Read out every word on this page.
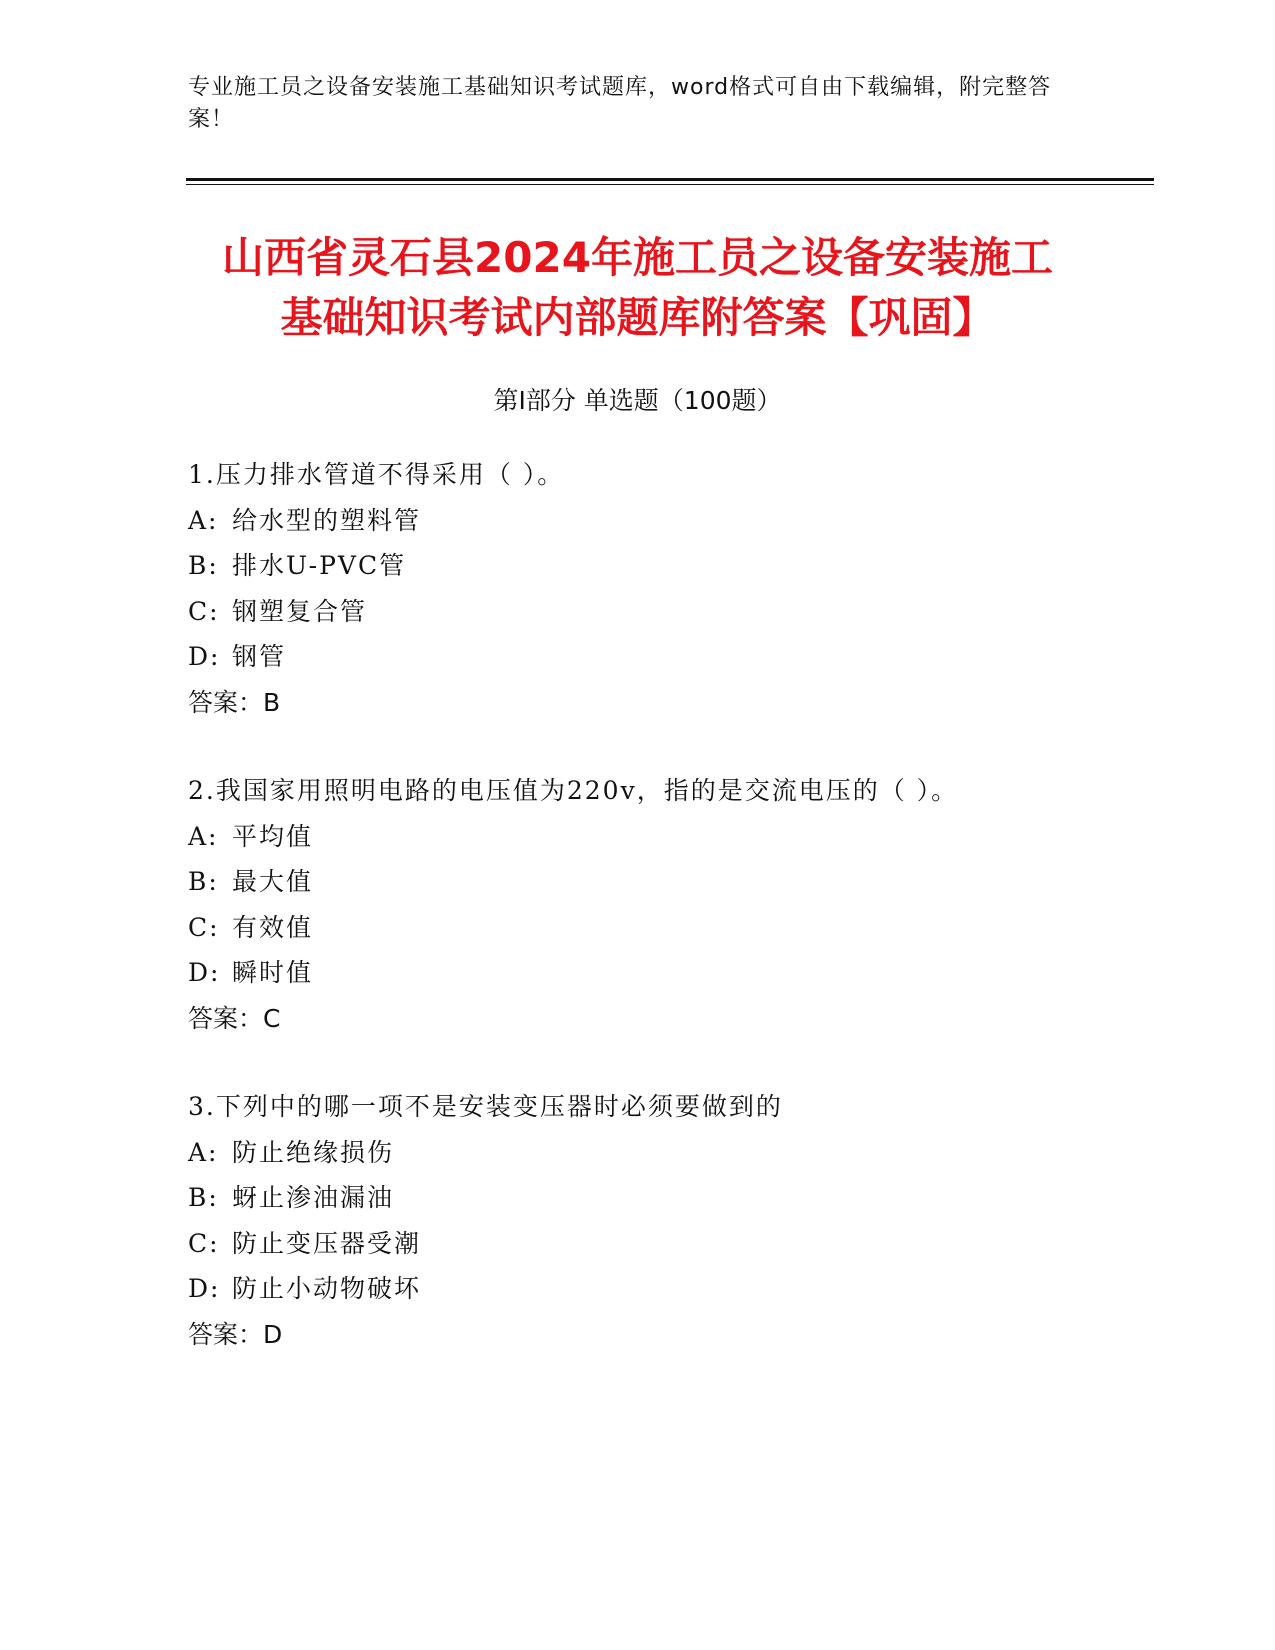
专业施工员之设备安装施工基础知识考试题库，word格式可自由下载编辑，附完整答案！
山西省灵石县2024年施工员之设备安装施工
基础知识考试内部题库附答案【巩固】
第I部分 单选题（100题）
1.压力排水管道不得采用（ ）。
A: 给水型的塑料管
B: 排水U-PVC管
C: 钢塑复合管
D: 钢管
答案：B
2.我国家用照明电路的电压值为220v，指的是交流电压的（ ）。
A: 平均值
B: 最大值
C: 有效值
D: 瞬时值
答案：C
3.下列中的哪一项不是安装变压器时必须要做到的
A: 防止绝缘损伤
B: 蚜止渗油漏油
C: 防止变压器受潮
D: 防止小动物破坏
答案：D
